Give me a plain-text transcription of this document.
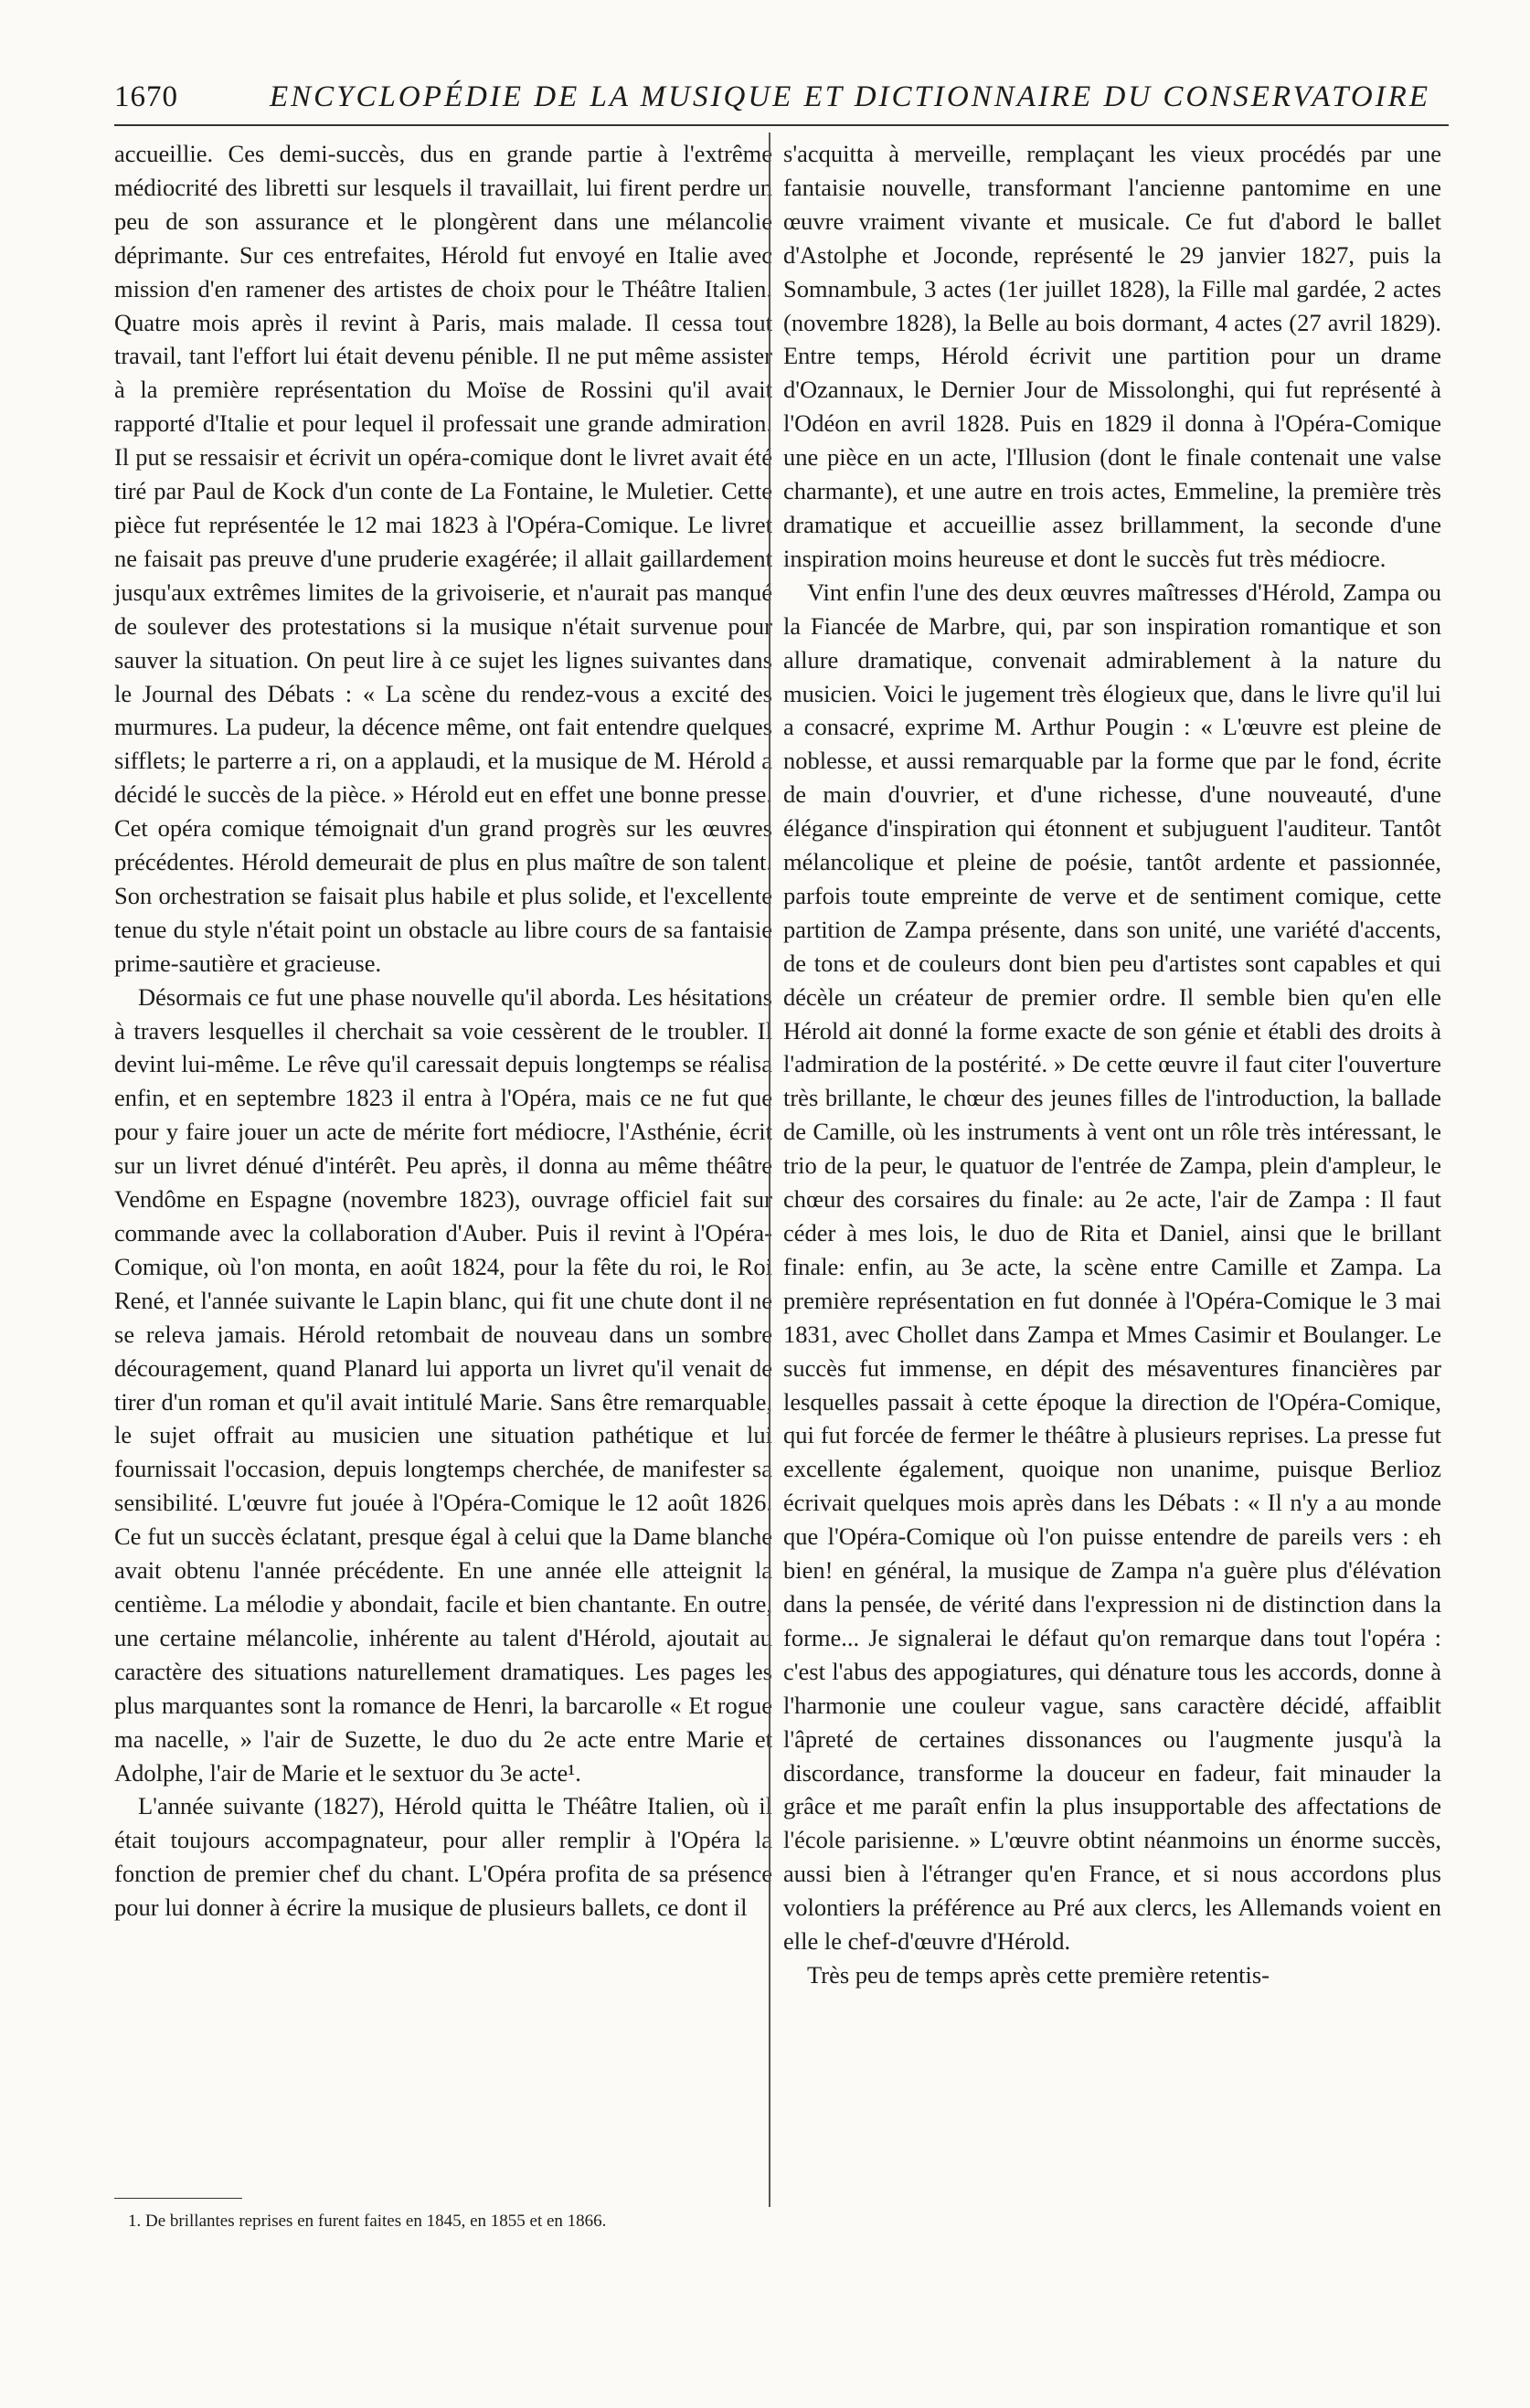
1670	ENCYCLOPÉDIE DE LA MUSIQUE ET DICTIONNAIRE DU CONSERVATOIRE

accueillie. Ces demi-succès, dus en grande partie à l'extrême médiocrité des libretti sur lesquels il travaillait, lui firent perdre un peu de son assurance et le plongèrent dans une mélancolie déprimante. Sur ces entrefaites, Hérold fut envoyé en Italie avec mission d'en ramener des artistes de choix pour le Théâtre Italien. Quatre mois après il revint à Paris, mais malade. Il cessa tout travail, tant l'effort lui était devenu pénible. Il ne put même assister à la première représentation du Moïse de Rossini qu'il avait rapporté d'Italie et pour lequel il professait une grande admiration. Il put se ressaisir et écrivit un opéra-comique dont le livret avait été tiré par Paul de Kock d'un conte de La Fontaine, le Muletier. Cette pièce fut représentée le 12 mai 1823 à l'Opéra-Comique. Le livret ne faisait pas preuve d'une pruderie exagérée; il allait gaillardement jusqu'aux extrêmes limites de la grivoiserie, et n'aurait pas manqué de soulever des protestations si la musique n'était survenue pour sauver la situation. On peut lire à ce sujet les lignes suivantes dans le Journal des Débats : « La scène du rendez-vous a excité des murmures. La pudeur, la décence même, ont fait entendre quelques sifflets; le parterre a ri, on a applaudi, et la musique de M. Hérold a décidé le succès de la pièce. » Hérold eut en effet une bonne presse. Cet opéra comique témoignait d'un grand progrès sur les œuvres précédentes. Hérold demeurait de plus en plus maître de son talent. Son orchestration se faisait plus habile et plus solide, et l'excellente tenue du style n'était point un obstacle au libre cours de sa fantaisie prime-sautière et gracieuse.

Désormais ce fut une phase nouvelle qu'il aborda. Les hésitations à travers lesquelles il cherchait sa voie cessèrent de le troubler. Il devint lui-même. Le rêve qu'il caressait depuis longtemps se réalisa enfin, et en septembre 1823 il entra à l'Opéra, mais ce ne fut que pour y faire jouer un acte de mérite fort médiocre, l'Asthénie, écrit sur un livret dénué d'intérêt. Peu après, il donna au même théâtre Vendôme en Espagne (novembre 1823), ouvrage officiel fait sur commande avec la collaboration d'Auber. Puis il revint à l'Opéra-Comique, où l'on monta, en août 1824, pour la fête du roi, le Roi René, et l'année suivante le Lapin blanc, qui fit une chute dont il ne se releva jamais. Hérold retombait de nouveau dans un sombre découragement, quand Planard lui apporta un livret qu'il venait de tirer d'un roman et qu'il avait intitulé Marie. Sans être remarquable, le sujet offrait au musicien une situation pathétique et lui fournissait l'occasion, depuis longtemps cherchée, de manifester sa sensibilité. L'œuvre fut jouée à l'Opéra-Comique le 12 août 1826. Ce fut un succès éclatant, presque égal à celui que la Dame blanche avait obtenu l'année précédente. En une année elle atteignit la centième. La mélodie y abondait, facile et bien chantante. En outre, une certaine mélancolie, inhérente au talent d'Hérold, ajoutait au caractère des situations naturellement dramatiques. Les pages les plus marquantes sont la romance de Henri, la barcarolle « Et rogue ma nacelle, » l'air de Suzette, le duo du 2e acte entre Marie et Adolphe, l'air de Marie et le sextuor du 3e acte¹.

L'année suivante (1827), Hérold quitta le Théâtre Italien, où il était toujours accompagnateur, pour aller remplir à l'Opéra la fonction de premier chef du chant. L'Opéra profita de sa présence pour lui donner à écrire la musique de plusieurs ballets, ce dont il

s'acquitta à merveille, remplaçant les vieux procédés par une fantaisie nouvelle, transformant l'ancienne pantomime en une œuvre vraiment vivante et musicale. Ce fut d'abord le ballet d'Astolphe et Joconde, représenté le 29 janvier 1827, puis la Somnambule, 3 actes (1er juillet 1828), la Fille mal gardée, 2 actes (novembre 1828), la Belle au bois dormant, 4 actes (27 avril 1829). Entre temps, Hérold écrivit une partition pour un drame d'Ozannaux, le Dernier Jour de Missolonghi, qui fut représenté à l'Odéon en avril 1828. Puis en 1829 il donna à l'Opéra-Comique une pièce en un acte, l'Illusion (dont le finale contenait une valse charmante), et une autre en trois actes, Emmeline, la première très dramatique et accueillie assez brillamment, la seconde d'une inspiration moins heureuse et dont le succès fut très médiocre.

Vint enfin l'une des deux œuvres maîtresses d'Hérold, Zampa ou la Fiancée de Marbre, qui, par son inspiration romantique et son allure dramatique, convenait admirablement à la nature du musicien. Voici le jugement très élogieux que, dans le livre qu'il lui a consacré, exprime M. Arthur Pougin : « L'œuvre est pleine de noblesse, et aussi remarquable par la forme que par le fond, écrite de main d'ouvrier, et d'une richesse, d'une nouveauté, d'une élégance d'inspiration qui étonnent et subjuguent l'auditeur. Tantôt mélancolique et pleine de poésie, tantôt ardente et passionnée, parfois toute empreinte de verve et de sentiment comique, cette partition de Zampa présente, dans son unité, une variété d'accents, de tons et de couleurs dont bien peu d'artistes sont capables et qui décèle un créateur de premier ordre. Il semble bien qu'en elle Hérold ait donné la forme exacte de son génie et établi des droits à l'admiration de la postérité. » De cette œuvre il faut citer l'ouverture très brillante, le chœur des jeunes filles de l'introduction, la ballade de Camille, où les instruments à vent ont un rôle très intéressant, le trio de la peur, le quatuor de l'entrée de Zampa, plein d'ampleur, le chœur des corsaires du finale: au 2e acte, l'air de Zampa : Il faut céder à mes lois, le duo de Rita et Daniel, ainsi que le brillant finale: enfin, au 3e acte, la scène entre Camille et Zampa. La première représentation en fut donnée à l'Opéra-Comique le 3 mai 1831, avec Chollet dans Zampa et Mmes Casimir et Boulanger. Le succès fut immense, en dépit des mésaventures financières par lesquelles passait à cette époque la direction de l'Opéra-Comique, qui fut forcée de fermer le théâtre à plusieurs reprises. La presse fut excellente également, quoique non unanime, puisque Berlioz écrivait quelques mois après dans les Débats : « Il n'y a au monde que l'Opéra-Comique où l'on puisse entendre de pareils vers : eh bien! en général, la musique de Zampa n'a guère plus d'élévation dans la pensée, de vérité dans l'expression ni de distinction dans la forme... Je signalerai le défaut qu'on remarque dans tout l'opéra : c'est l'abus des appogiatures, qui dénature tous les accords, donne à l'harmonie une couleur vague, sans caractère décidé, affaiblit l'âpreté de certaines dissonances ou l'augmente jusqu'à la discordance, transforme la douceur en fadeur, fait minauder la grâce et me paraît enfin la plus insupportable des affectations de l'école parisienne. » L'œuvre obtint néanmoins un énorme succès, aussi bien à l'étranger qu'en France, et si nous accordons plus volontiers la préférence au Pré aux clercs, les Allemands voient en elle le chef-d'œuvre d'Hérold.

Très peu de temps après cette première retentis-

1. De brillantes reprises en furent faites en 1845, en 1855 et en 1866.
